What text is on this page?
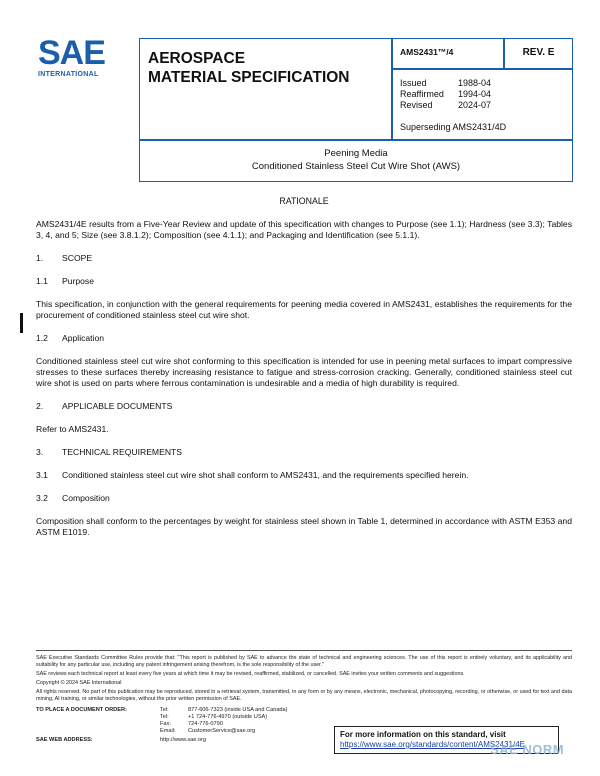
SAE
INTERNATIONAL
AEROSPACE
MATERIAL SPECIFICATION
AMS2431™/4	REV. E
Issued	1988-04
Reaffirmed	1994-04
Revised	2024-07
Superseding AMS2431/4D
Peening Media
Conditioned Stainless Steel Cut Wire Shot (AWS)
RATIONALE

AMS2431/4E results from a Five-Year Review and update of this specification with changes to Purpose (see 1.1); Hardness (see 3.3); Tables 3, 4, and 5; Size (see 3.8.1.2); Composition (see 4.1.1); and Packaging and Identification (see 5.1.1).

1.	SCOPE
1.1	Purpose

This specification, in conjunction with the general requirements for peening media covered in AMS2431, establishes the requirements for the procurement of conditioned stainless steel cut wire shot.

1.2	Application

Conditioned stainless steel cut wire shot conforming to this specification is intended for use in peening metal surfaces to impart compressive stresses to these surfaces thereby increasing resistance to fatigue and stress-corrosion cracking. Generally, conditioned stainless steel cut wire shot is used on parts where ferrous contamination is undesirable and a media of high durability is required.

2.	APPLICABLE DOCUMENTS

Refer to AMS2431.

3.	TECHNICAL REQUIREMENTS
3.1	Conditioned stainless steel cut wire shot shall conform to AMS2431, and the requirements specified herein.
3.2	Composition

Composition shall conform to the percentages by weight for stainless steel shown in Table 1, determined in accordance with ASTM E353 and ASTM E1019.

SAE Executive Standards Committee Rules provide that: "This report is published by SAE to advance the state of technical and engineering sciences. The use of this report is entirely voluntary, and its applicability and suitability for any particular use, including any patent infringement arising therefrom, is the sole responsibility of the user."

SAE reviews each technical report at least every five years at which time it may be revised, reaffirmed, stabilized, or cancelled. SAE invites your written comments and suggestions.

Copyright © 2024 SAE International

All rights reserved. No part of this publication may be reproduced, stored in a retrieval system, transmitted, in any form or by any means, electronic, mechanical, photocopying, recording, or otherwise, or used for text and data mining, AI training, or similar technologies, without the prior written permission of SAE.

TO PLACE A DOCUMENT ORDER:	Tel:	877-606-7323 (inside USA and Canada)
Tel:	+1 724-776-4970 (outside USA)
Fax:	724-776-0790
Email:	CustomerService@sae.org
SAE WEB ADDRESS:	http://www.sae.org
For more information on this standard, visit
https://www.sae.org/standards/content/AMS2431/4E
SAE NORM
